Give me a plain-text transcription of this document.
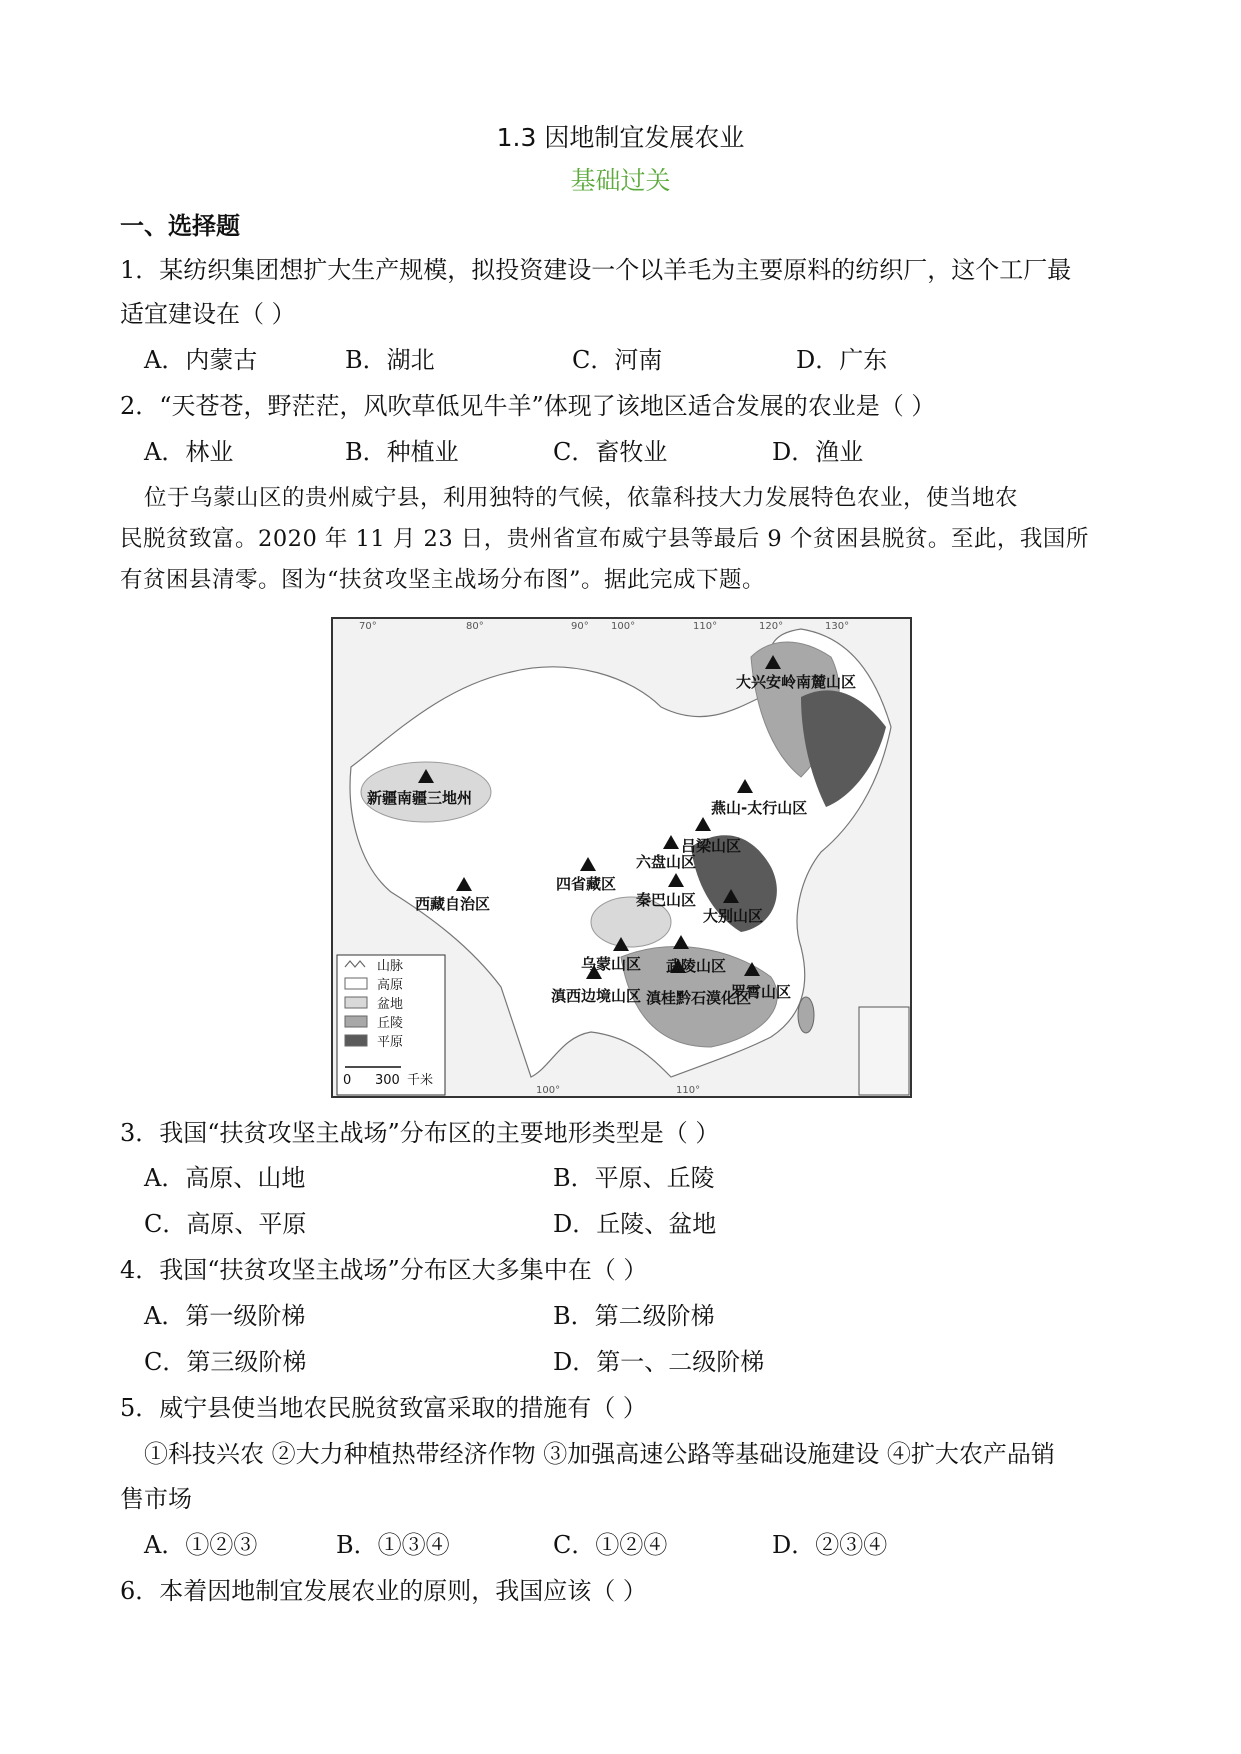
1.3 因地制宜发展农业
基础过关
一、选择题
1．某纺织集团想扩大生产规模，拟投资建设一个以羊毛为主要原料的纺织厂，这个工厂最
适宜建设在（ ）
A．内蒙古	B．湖北	C．河南	D．广东
2．“天苍苍，野茫茫，风吹草低见牛羊”体现了该地区适合发展的农业是（ ）
A．林业	B．种植业	C．畜牧业	D．渔业
位于乌蒙山区的贵州威宁县，利用独特的气候，依靠科技大力发展特色农业，使当地农
民脱贫致富。2020 年 11 月 23 日，贵州省宣布威宁县等最后 9 个贫困县脱贫。至此，我国所
有贫困县清零。图为“扶贫攻坚主战场分布图”。据此完成下题。
70°	80°	90° 100°	110°	120°	130°
100°	110°
大兴安岭南麓山区
新疆南疆三地州
燕山-太行山区
吕梁山区
六盘山区
西藏自治区
四省藏区
秦巴山区
大别山区
武陵山区
乌蒙山区
滇西边境山区 滇桂黔石漠化区
罗霄山区
山脉
高原
盆地
丘陵
平原
0 300 千米
3．我国“扶贫攻坚主战场”分布区的主要地形类型是（ ）
A．高原、山地	B．平原、丘陵
C．高原、平原	D．丘陵、盆地
4．我国“扶贫攻坚主战场”分布区大多集中在（ ）
A．第一级阶梯	B．第二级阶梯
C．第三级阶梯	D．第一、二级阶梯
5．威宁县使当地农民脱贫致富采取的措施有（ ）
①科技兴农 ②大力种植热带经济作物 ③加强高速公路等基础设施建设 ④扩大农产品销
售市场
A．①②③	B．①③④	C．①②④	D．②③④
6．本着因地制宜发展农业的原则，我国应该（ ）
